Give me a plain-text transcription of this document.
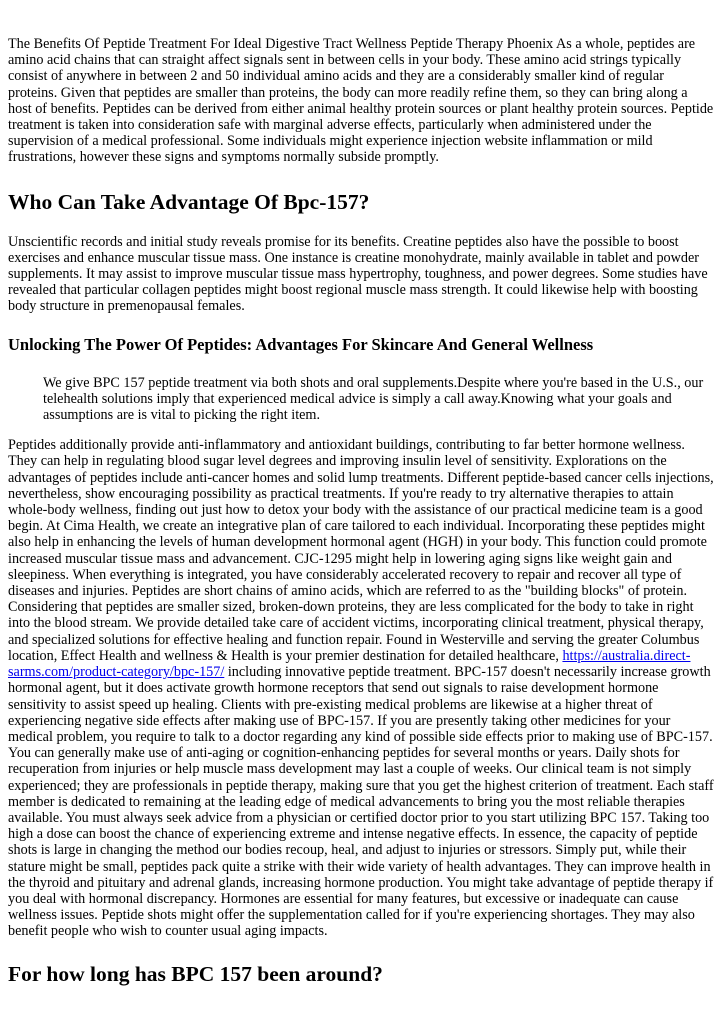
The Benefits Of Peptide Treatment For Ideal Digestive Tract Wellness Peptide Therapy Phoenix As a whole, peptides are amino acid chains that can straight affect signals sent in between cells in your body. These amino acid strings typically consist of anywhere in between 2 and 50 individual amino acids and they are a considerably smaller kind of regular proteins. Given that peptides are smaller than proteins, the body can more readily refine them, so they can bring along a host of benefits. Peptides can be derived from either animal healthy protein sources or plant healthy protein sources. Peptide treatment is taken into consideration safe with marginal adverse effects, particularly when administered under the supervision of a medical professional. Some individuals might experience injection website inflammation or mild frustrations, however these signs and symptoms normally subside promptly.

Who Can Take Advantage Of Bpc-157?

Unscientific records and initial study reveals promise for its benefits. Creatine peptides also have the possible to boost exercises and enhance muscular tissue mass. One instance is creatine monohydrate, mainly available in tablet and powder supplements. It may assist to improve muscular tissue mass hypertrophy, toughness, and power degrees. Some studies have revealed that particular collagen peptides might boost regional muscle mass strength. It could likewise help with boosting body structure in premenopausal females.

Unlocking The Power Of Peptides: Advantages For Skincare And General Wellness

We give BPC 157 peptide treatment via both shots and oral supplements.Despite where you're based in the U.S., our telehealth solutions imply that experienced medical advice is simply a call away.Knowing what your goals and assumptions are is vital to picking the right item.

Peptides additionally provide anti-inflammatory and antioxidant buildings, contributing to far better hormone wellness. They can help in regulating blood sugar level degrees and improving insulin level of sensitivity. Explorations on the advantages of peptides include anti-cancer homes and solid lump treatments. Different peptide-based cancer cells injections, nevertheless, show encouraging possibility as practical treatments. If you're ready to try alternative therapies to attain whole-body wellness, finding out just how to detox your body with the assistance of our practical medicine team is a good begin. At Cima Health, we create an integrative plan of care tailored to each individual. Incorporating these peptides might also help in enhancing the levels of human development hormonal agent (HGH) in your body. This function could promote increased muscular tissue mass and advancement. CJC-1295 might help in lowering aging signs like weight gain and sleepiness. When everything is integrated, you have considerably accelerated recovery to repair and recover all type of diseases and injuries. Peptides are short chains of amino acids, which are referred to as the "building blocks" of protein. Considering that peptides are smaller sized, broken-down proteins, they are less complicated for the body to take in right into the blood stream. We provide detailed take care of accident victims, incorporating clinical treatment, physical therapy, and specialized solutions for effective healing and function repair. Found in Westerville and serving the greater Columbus location, Effect Health and wellness & Health is your premier destination for detailed healthcare, https://australia.direct-sarms.com/product-category/bpc-157/ including innovative peptide treatment. BPC-157 doesn't necessarily increase growth hormonal agent, but it does activate growth hormone receptors that send out signals to raise development hormone sensitivity to assist speed up healing. Clients with pre-existing medical problems are likewise at a higher threat of experiencing negative side effects after making use of BPC-157. If you are presently taking other medicines for your medical problem, you require to talk to a doctor regarding any kind of possible side effects prior to making use of BPC-157. You can generally make use of anti-aging or cognition-enhancing peptides for several months or years. Daily shots for recuperation from injuries or help muscle mass development may last a couple of weeks. Our clinical team is not simply experienced; they are professionals in peptide therapy, making sure that you get the highest criterion of treatment. Each staff member is dedicated to remaining at the leading edge of medical advancements to bring you the most reliable therapies available. You must always seek advice from a physician or certified doctor prior to you start utilizing BPC 157. Taking too high a dose can boost the chance of experiencing extreme and intense negative effects. In essence, the capacity of peptide shots is large in changing the method our bodies recoup, heal, and adjust to injuries or stressors. Simply put, while their stature might be small, peptides pack quite a strike with their wide variety of health advantages. They can improve health in the thyroid and pituitary and adrenal glands, increasing hormone production. You might take advantage of peptide therapy if you deal with hormonal discrepancy. Hormones are essential for many features, but excessive or inadequate can cause wellness issues. Peptide shots might offer the supplementation called for if you're experiencing shortages. They may also benefit people who wish to counter usual aging impacts.

For how long has BPC 157 been around?
